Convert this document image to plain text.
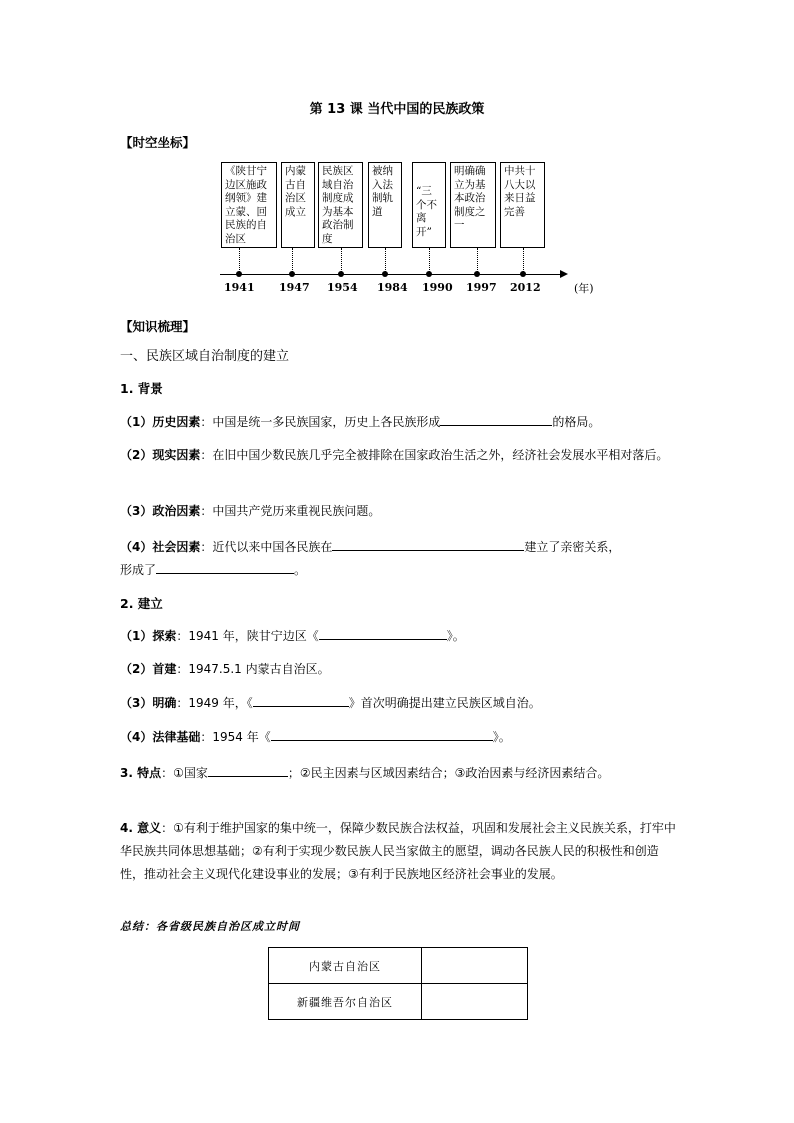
第 13 课 当代中国的民族政策
【时空坐标】
《陕甘宁边区施政纲领》建立蒙、回民族的自治区
内蒙古自治区成立
民族区域自治制度成为基本政治制度
被纳入法制轨道
“三个不离开”
明确确立为基本政治制度之一
中共十八大以来日益完善
1941 1947 1954 1984 1990 1997 2012	(年)
【知识梳理】
一、民族区域自治制度的建立
1. 背景
（1）历史因素：中国是统一多民族国家，历史上各民族形成	的格局。
（2）现实因素：在旧中国少数民族几乎完全被排除在国家政治生活之外，经济社会发展水平相对落后。
（3）政治因素：中国共产党历来重视民族问题。
（4）社会因素：近代以来中国各民族在	建立了亲密关系，
形成了	。
2. 建立
（1）探索：1941 年，陕甘宁边区《	》。
（2）首建：1947.5.1 内蒙古自治区。
（3）明确：1949 年，《	》首次明确提出建立民族区域自治。
（4）法律基础：1954 年《	》。
3. 特点：①国家	；②民主因素与区域因素结合；③政治因素与经济因素结合。
4. 意义：①有利于维护国家的集中统一，保障少数民族合法权益，巩固和发展社会主义民族关系，打牢中华民族共同体思想基础；②有利于实现少数民族人民当家做主的愿望，调动各民族人民的积极性和创造性，推动社会主义现代化建设事业的发展；③有利于民族地区经济社会事业的发展。
总结：各省级民族自治区成立时间
内蒙古自治区	
新疆维吾尔自治区	
